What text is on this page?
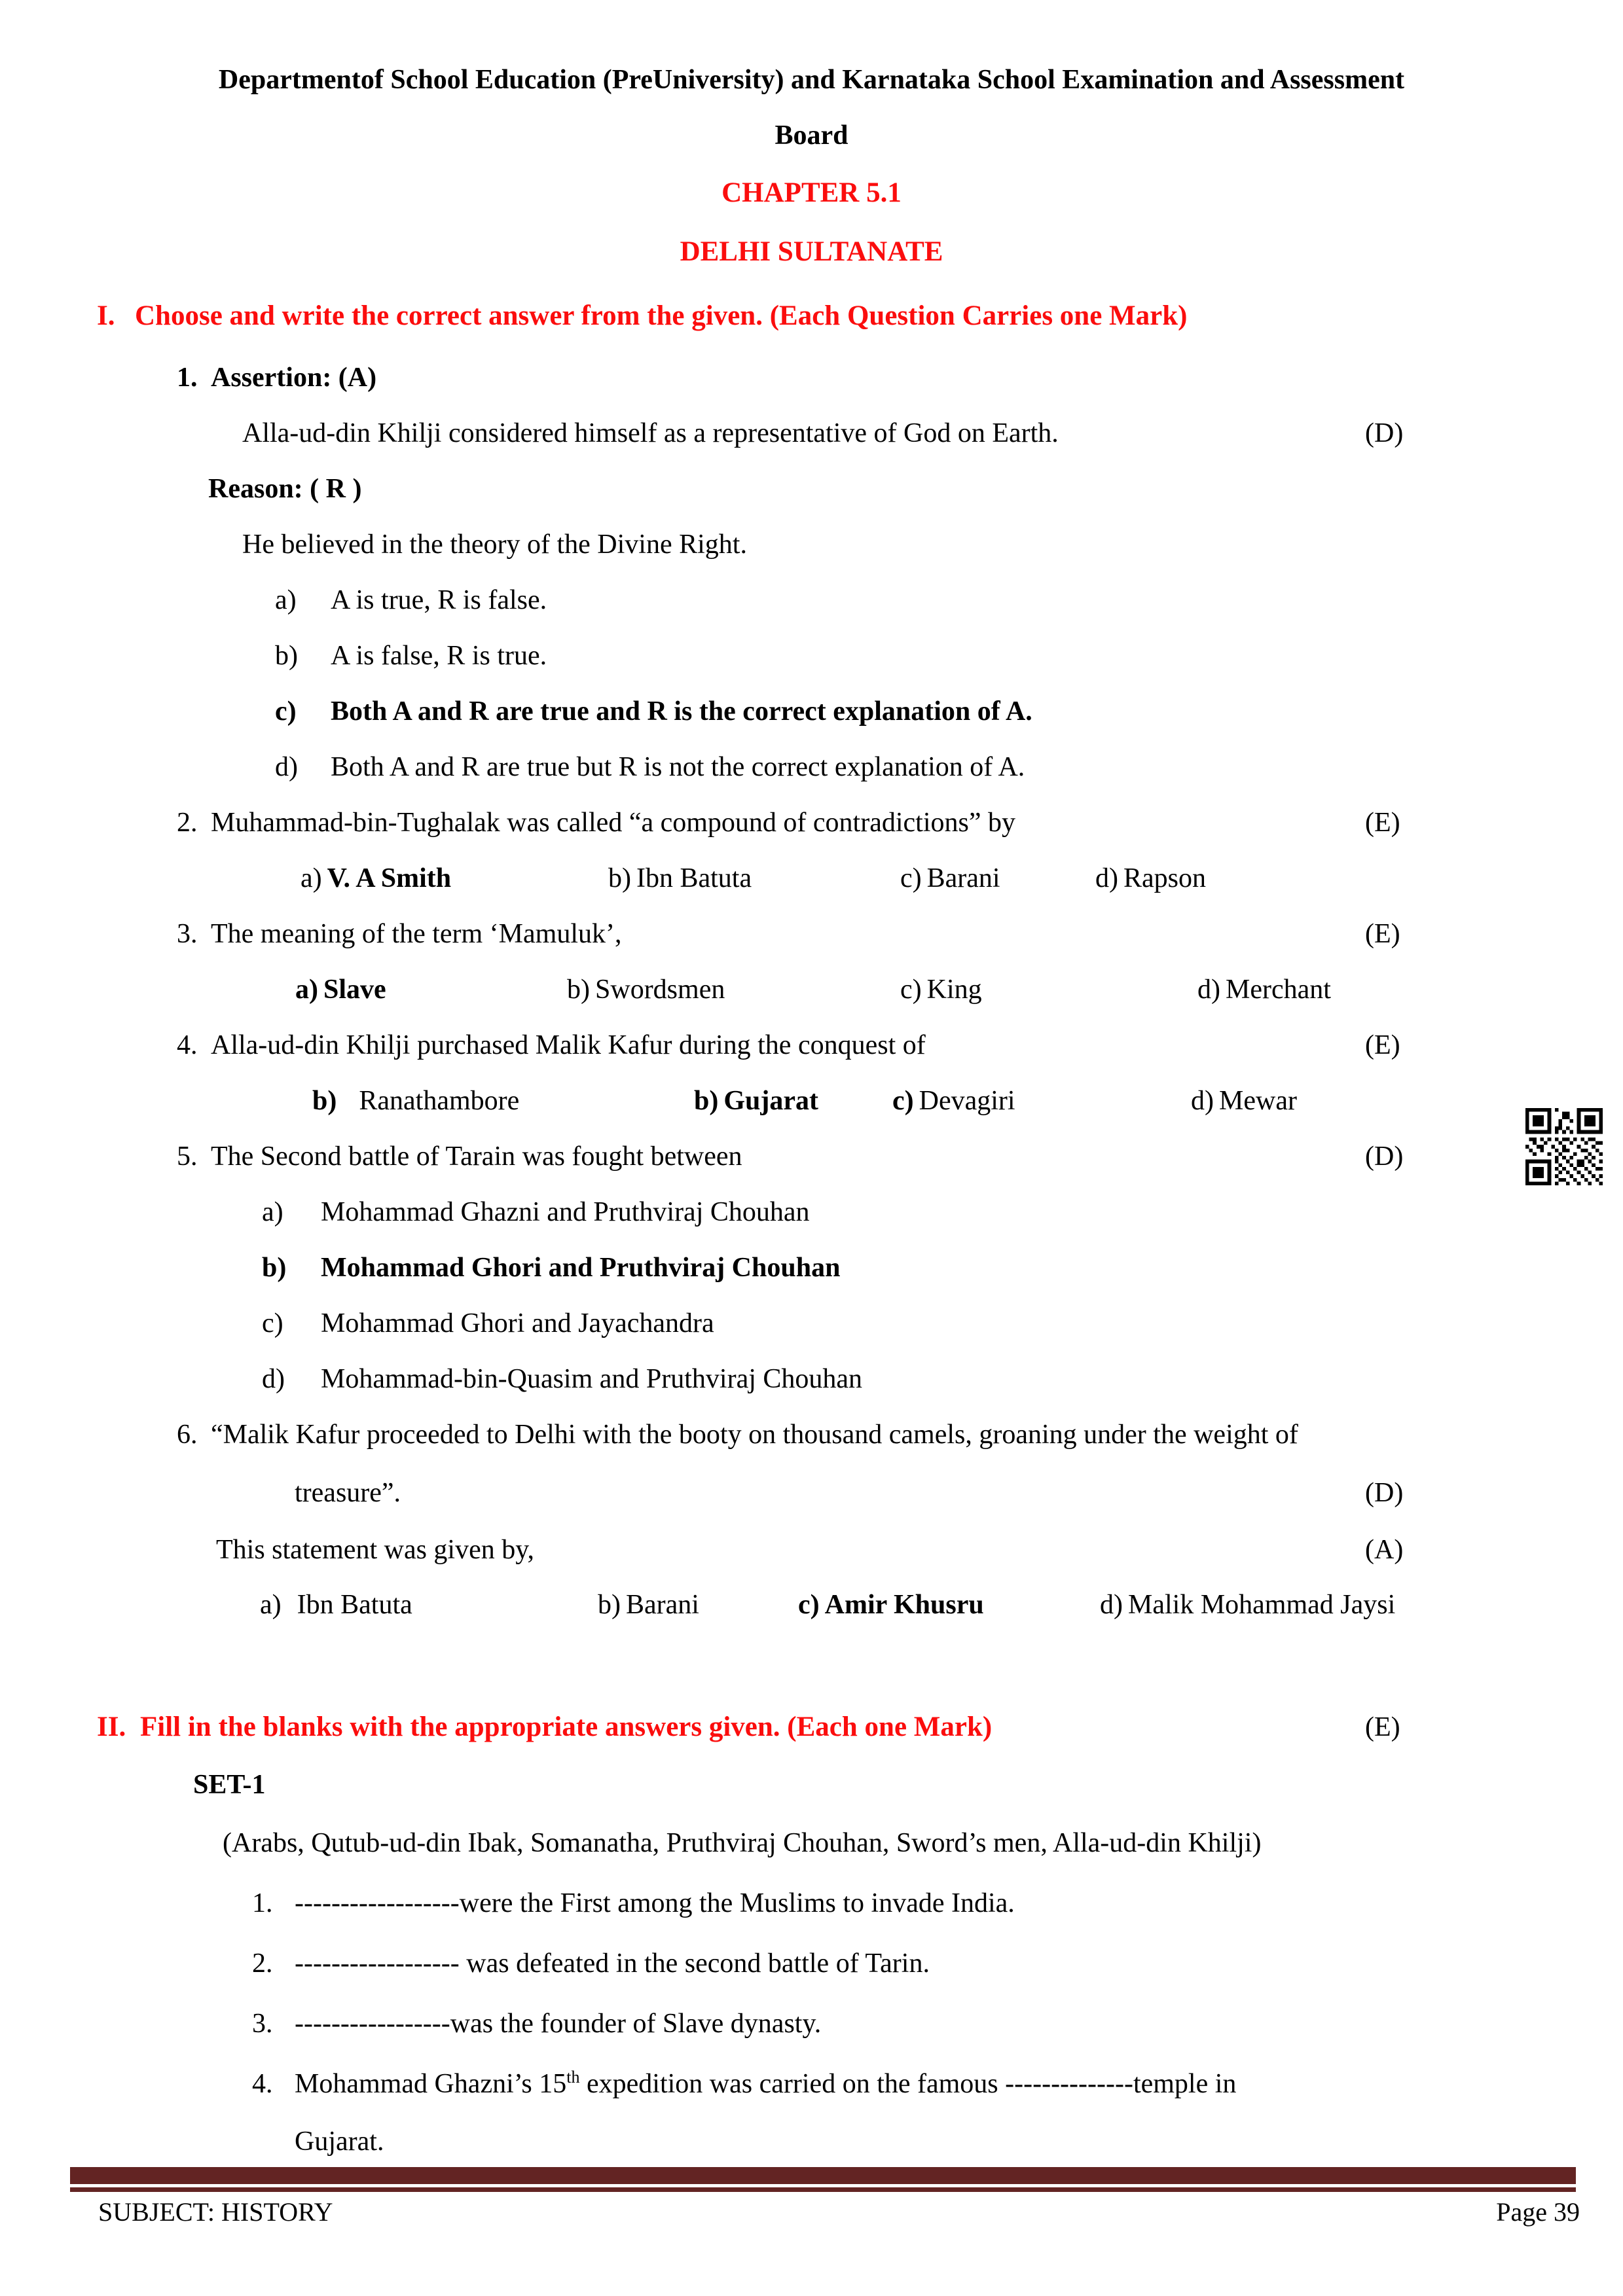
Departmentof School Education (PreUniversity) and Karnataka School Examination and Assessment
Board
CHAPTER 5.1
DELHI SULTANATE
I. Choose and write the correct answer from the given. (Each Question Carries one Mark)
1. Assertion: (A)
Alla-ud-din Khilji considered himself as a representative of God on Earth.	(D)
Reason: ( R )
He believed in the theory of the Divine Right.
a) A is true, R is false.
b) A is false, R is true.
c) Both A and R are true and R is the correct explanation of A.
d) Both A and R are true but R is not the correct explanation of A.
2. Muhammad-bin-Tughalak was called “a compound of contradictions” by	(E)
a) V. A Smith	b) Ibn Batuta	c) Barani	d) Rapson
3. The meaning of the term ‘Mamuluk’,	(E)
a) Slave	b) Swordsmen	c) King	d) Merchant
4. Alla-ud-din Khilji purchased Malik Kafur during the conquest of	(E)
b) Ranathambore	b) Gujarat	c) Devagiri	d) Mewar
5. The Second battle of Tarain was fought between	(D)
a) Mohammad Ghazni and Pruthviraj Chouhan
b) Mohammad Ghori and Pruthviraj Chouhan
c) Mohammad Ghori and Jayachandra
d) Mohammad-bin-Quasim and Pruthviraj Chouhan
6. “Malik Kafur proceeded to Delhi with the booty on thousand camels, groaning under the weight of
treasure”.	(D)
This statement was given by,	(A)
a) Ibn Batuta	b) Barani	c) Amir Khusru	d) Malik Mohammad Jaysi
II. Fill in the blanks with the appropriate answers given. (Each one Mark)	(E)
SET-1
(Arabs, Qutub-ud-din Ibak, Somanatha, Pruthviraj Chouhan, Sword’s men, Alla-ud-din Khilji)
1. ------------------were the First among the Muslims to invade India.
2. ------------------ was defeated in the second battle of Tarin.
3. -----------------was the founder of Slave dynasty.
4. Mohammad Ghazni’s 15th expedition was carried on the famous --------------temple in
Gujarat.
SUBJECT: HISTORY	Page 39
